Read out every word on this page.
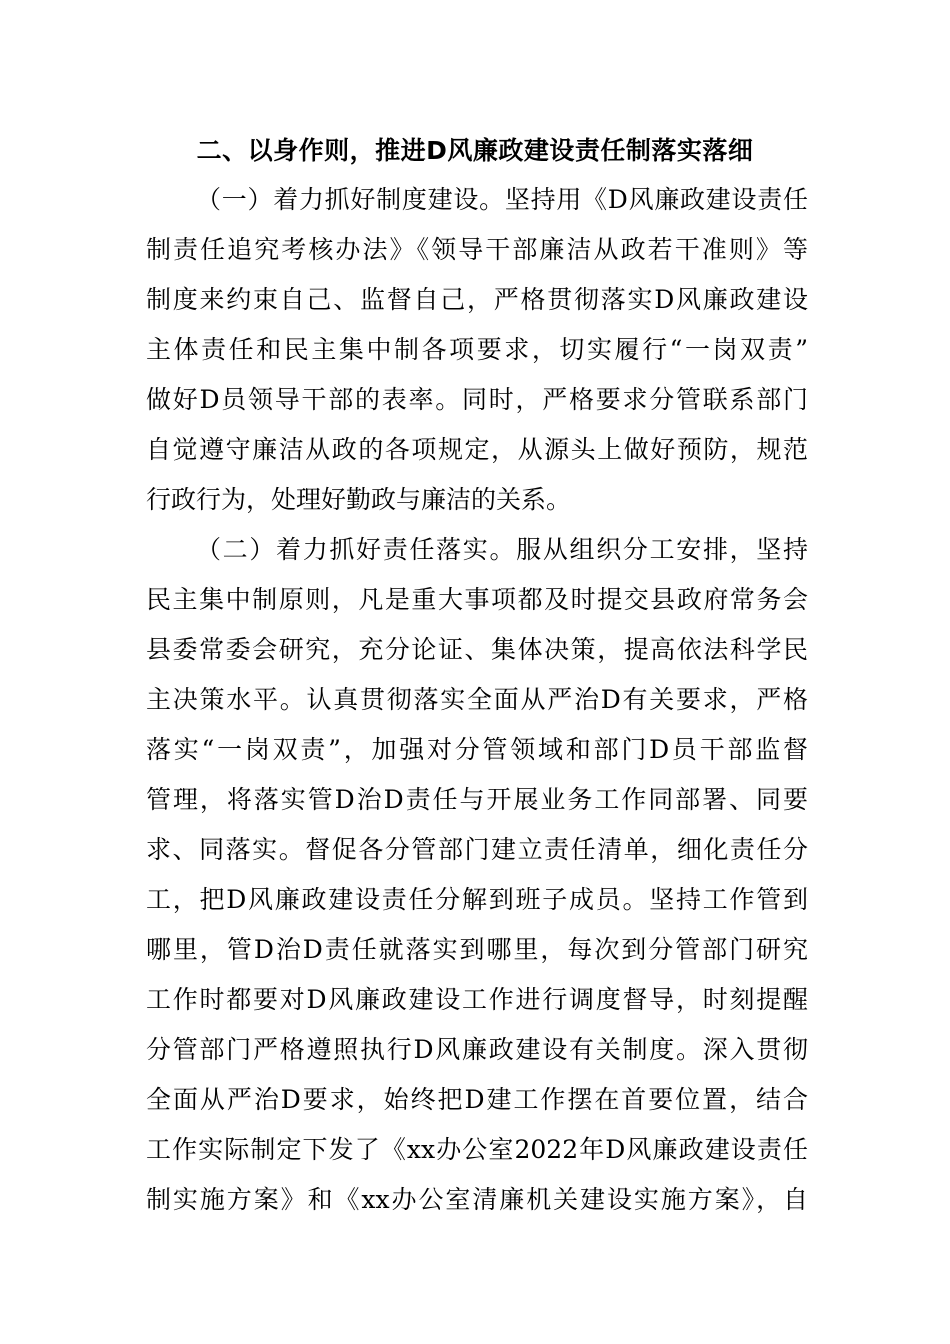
二、以身作则，推进D风廉政建设责任制落实落细
（一）着力抓好制度建设。坚持用《D风廉政建设责任
制责任追究考核办法》《领导干部廉洁从政若干准则》等
制度来约束自己、监督自己，严格贯彻落实D风廉政建设
主体责任和民主集中制各项要求，切实履行“一岗双责”
做好D员领导干部的表率。同时，严格要求分管联系部门
自觉遵守廉洁从政的各项规定，从源头上做好预防，规范
行政行为，处理好勤政与廉洁的关系。
（二）着力抓好责任落实。服从组织分工安排，坚持
民主集中制原则，凡是重大事项都及时提交县政府常务会
县委常委会研究，充分论证、集体决策，提高依法科学民
主决策水平。认真贯彻落实全面从严治D有关要求，严格
落实“一岗双责”，加强对分管领域和部门D员干部监督
管理，将落实管D治D责任与开展业务工作同部署、同要
求、同落实。督促各分管部门建立责任清单，细化责任分
工，把D风廉政建设责任分解到班子成员。坚持工作管到
哪里，管D治D责任就落实到哪里，每次到分管部门研究
工作时都要对D风廉政建设工作进行调度督导，时刻提醒
分管部门严格遵照执行D风廉政建设有关制度。深入贯彻
全面从严治D要求，始终把D建工作摆在首要位置，结合
工作实际制定下发了《xx办公室2022年D风廉政建设责任
制实施方案》和《xx办公室清廉机关建设实施方案》，自
